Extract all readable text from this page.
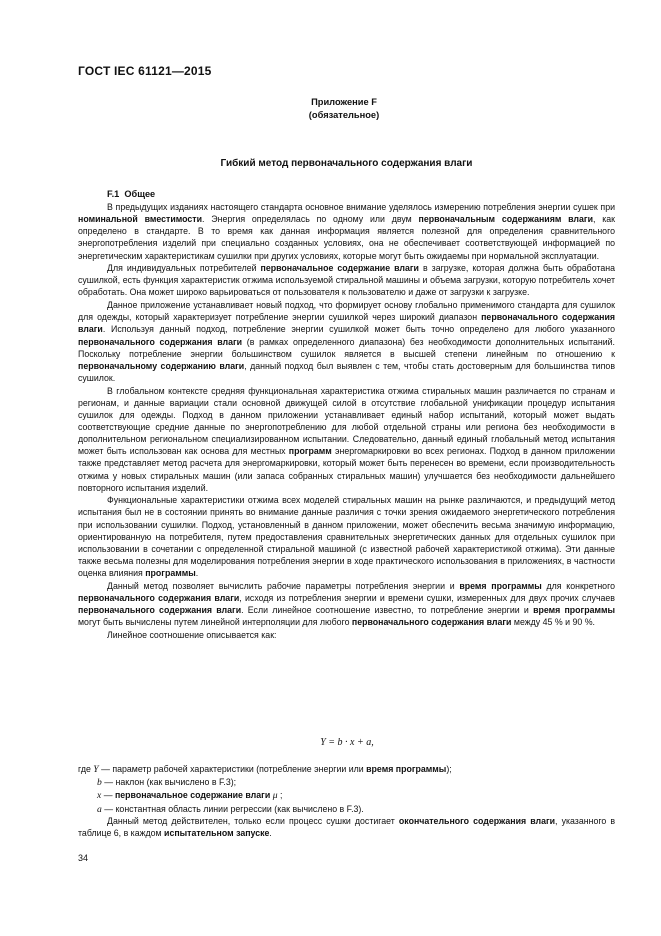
ГОСТ IEC 61121—2015
Приложение F
(обязательное)
Гибкий метод первоначального содержания влаги
F.1 Общее

В предыдущих изданиях настоящего стандарта основное внимание уделялось измерению потребления энергии сушек при номинальной вместимости. Энергия определялась по одному или двум первоначальным содержаниям влаги, как определено в стандарте. В то время как данная информация является полезной для определения сравнительного энергопотребления изделий при специально созданных условиях, она не обеспечивает соответствующей информацией по энергетическим характеристикам сушилки при других условиях, которые могут быть ожидаемы при нормальной эксплуатации.

Для индивидуальных потребителей первоначальное содержание влаги в загрузке, которая должна быть обработана сушилкой, есть функция характеристик отжима используемой стиральной машины и объема загрузки, которую потребитель хочет обработать. Она может широко варьироваться от пользователя к пользователю и даже от загрузки к загрузке.

Данное приложение устанавливает новый подход, что формирует основу глобально применимого стандарта для сушилок для одежды, который характеризует потребление энергии сушилкой через широкий диапазон первоначального содержания влаги. Используя данный подход, потребление энергии сушилкой может быть точно определено для любого указанного первоначального содержания влаги (в рамках определенного диапазона) без необходимости дополнительных испытаний. Поскольку потребление энергии большинством сушилок является в высшей степени линейным по отношению к первоначальному содержанию влаги, данный подход был выявлен с тем, чтобы стать достоверным для большинства типов сушилок.

В глобальном контексте средняя функциональная характеристика отжима стиральных машин различается по странам и регионам, и данные вариации стали основной движущей силой в отсутствие глобальной унификации процедур испытания сушилок для одежды. Подход в данном приложении устанавливает единый набор испытаний, который может выдать соответствующие средние данные по энергопотреблению для любой отдельной страны или региона без необходимости в дополнительном региональном специализированном испытании. Следовательно, данный единый глобальный метод испытания может быть использован как основа для местных программ энергомаркировки во всех регионах. Подход в данном приложении также представляет метод расчета для энергомаркировки, который может быть перенесен во времени, если производительность отжима у новых стиральных машин (или запаса собранных стиральных машин) улучшается без необходимости дальнейшего повторного испытания изделий.

Функциональные характеристики отжима всех моделей стиральных машин на рынке различаются, и предыдущий метод испытания был не в состоянии принять во внимание данные различия с точки зрения ожидаемого энергетического потребления при использовании сушилки. Подход, установленный в данном приложении, может обеспечить весьма значимую информацию, ориентированную на потребителя, путем предоставления сравнительных энергетических данных для отдельных сушилок при использовании в сочетании с определенной стиральной машиной (с известной рабочей характеристикой отжима). Эти данные также весьма полезны для моделирования потребления энергии в ходе практического использования в приложениях, в частности оценка влияния программы.

Данный метод позволяет вычислить рабочие параметры потребления энергии и время программы для конкретного первоначального содержания влаги, исходя из потребления энергии и времени сушки, измеренных для двух прочих случаев первоначального содержания влаги. Если линейное соотношение известно, то потребление энергии и время программы могут быть вычислены путем линейной интерполяции для любого первоначального содержания влаги между 45 % и 90 %.

Линейное соотношение описывается как:

Y = b · x + a,
где Y — параметр рабочей характеристики (потребление энергии или время программы);
b — наклон (как вычислено в F.3);
x — первоначальное содержание влаги μ ;
a — константная область линии регрессии (как вычислено в F.3).
Данный метод действителен, только если процесс сушки достигает окончательного содержания влаги, указанного в таблице 6, в каждом испытательном запуске.
34
